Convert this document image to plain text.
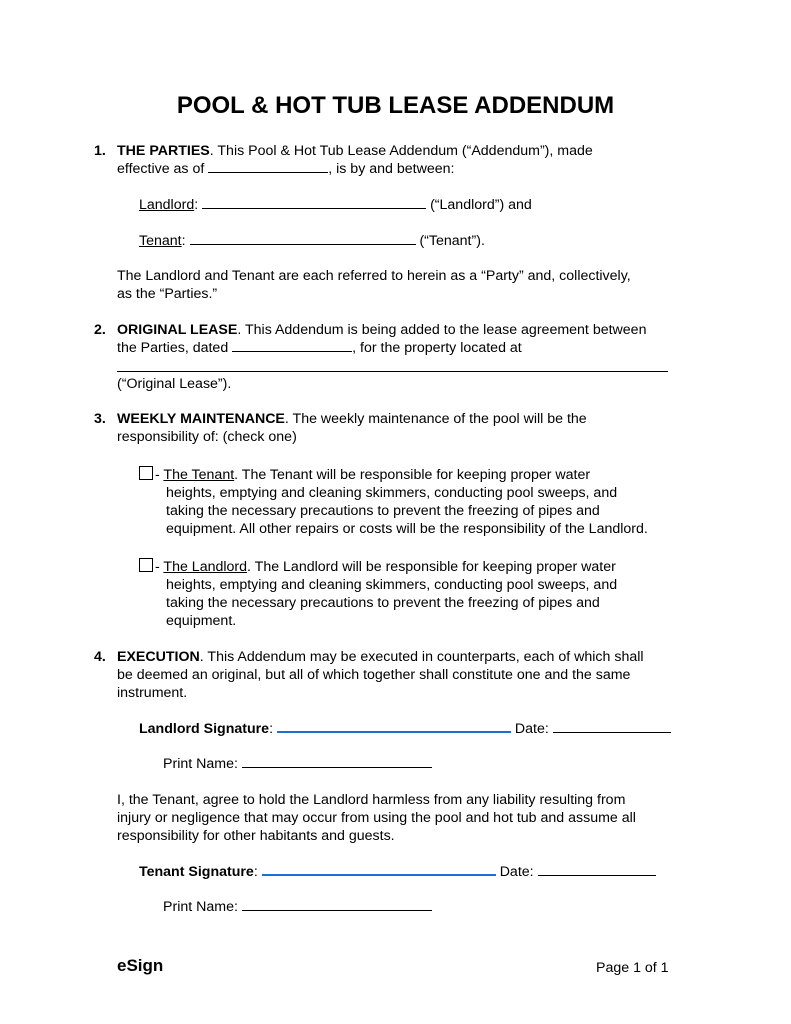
POOL & HOT TUB LEASE ADDENDUM
1. THE PARTIES. This Pool & Hot Tub Lease Addendum (“Addendum”), made
effective as of	, is by and between:
Landlord:	(“Landlord”) and
Tenant:	(“Tenant”).
The Landlord and Tenant are each referred to herein as a “Party” and, collectively,
as the “Parties.”
2. ORIGINAL LEASE. This Addendum is being added to the lease agreement between
the Parties, dated	, for the property located at
(“Original Lease”).
3. WEEKLY MAINTENANCE. The weekly maintenance of the pool will be the
responsibility of: (check one)
- The Tenant. The Tenant will be responsible for keeping proper water
heights, emptying and cleaning skimmers, conducting pool sweeps, and
taking the necessary precautions to prevent the freezing of pipes and
equipment. All other repairs or costs will be the responsibility of the Landlord.
- The Landlord. The Landlord will be responsible for keeping proper water
heights, emptying and cleaning skimmers, conducting pool sweeps, and
taking the necessary precautions to prevent the freezing of pipes and
equipment.
4. EXECUTION. This Addendum may be executed in counterparts, each of which shall
be deemed an original, but all of which together shall constitute one and the same
instrument.
Landlord Signature:	Date:
Print Name:
I, the Tenant, agree to hold the Landlord harmless from any liability resulting from
injury or negligence that may occur from using the pool and hot tub and assume all
responsibility for other habitants and guests.
Tenant Signature:	Date:
Print Name:
eSign	Page 1 of 1
